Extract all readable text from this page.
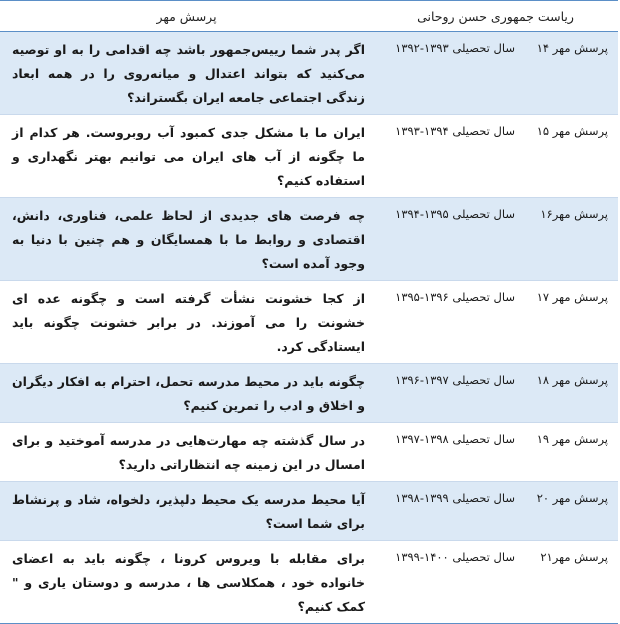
ریاست جمهوری حسن روحانی		پرسش مهر
پرسش مهر ۱۴	سال تحصیلی ۱۳۹۳-۱۳۹۲	اگر پدر شما رییس‌جمهور باشد چه اقدامی را به او توصیه می‌کنید که بتواند اعتدال و میانه‌روی را در همه ابعاد زندگی اجتماعی جامعه ایران بگستراند؟
پرسش مهر ۱۵	سال تحصیلی ۱۳۹۴-۱۳۹۳	ایران ما با مشکل جدی کمبود آب روبروست. هر کدام از ما چگونه از آب های ایران می توانیم بهتر نگهداری و استفاده کنیم؟
پرسش مهر۱۶	سال تحصیلی ۱۳۹۵-۱۳۹۴	چه فرصت های جدیدی از لحاظ علمی، فناوری، دانش، اقتصادی و روابط ما با همسایگان و هم چنین با دنیا به وجود آمده است؟
پرسش مهر ۱۷	سال تحصیلی ۱۳۹۶-۱۳۹۵	از کجا خشونت نشأت گرفته است و چگونه عده ای خشونت را می آموزند. در برابر خشونت چگونه باید ایستادگی کرد.
پرسش مهر ۱۸	سال تحصیلی ۱۳۹۷-۱۳۹۶	چگونه باید در محیط مدرسه تحمل، احترام به افکار دیگران و اخلاق و ادب را تمرین کنیم؟
پرسش مهر ۱۹	سال تحصیلی ۱۳۹۸-۱۳۹۷	در سال گذشته چه مهارت‌هایی در مدرسه آموختید و برای امسال در این زمینه چه انتظاراتی دارید؟
پرسش مهر ۲۰	سال تحصیلی ۱۳۹۹-۱۳۹۸	آیا محیط مدرسه یک محیط دلپذیر، دلخواه، شاد و پرنشاط برای شما است؟
پرسش مهر۲۱	سال تحصیلی ۱۴۰۰-۱۳۹۹	برای مقابله با ویروس کرونا ، چگونه باید به اعضای خانواده خود ، همکلاسی ها ، مدرسه و دوستان یاری و " کمک کنیم؟
